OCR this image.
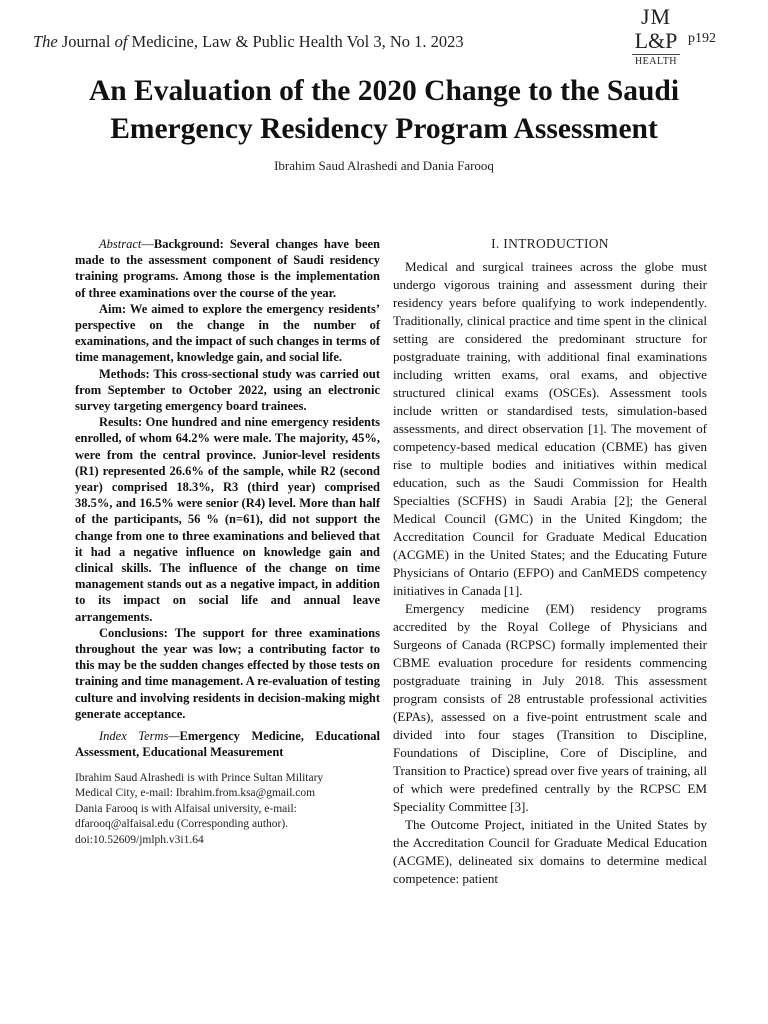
The Journal of Medicine, Law & Public Health Vol 3, No 1. 2023
JM
L&P
HEALTH
p192
An Evaluation of the 2020 Change to the Saudi Emergency Residency Program Assessment
Ibrahim Saud Alrashedi and Dania Farooq

Abstract—Background: Several changes have been made to the assessment component of Saudi residency training programs. Among those is the implementation of three examinations over the course of the year.

Aim: We aimed to explore the emergency residents’ perspective on the change in the number of examinations, and the impact of such changes in terms of time management, knowledge gain, and social life.

Methods: This cross-sectional study was carried out from September to October 2022, using an electronic survey targeting emergency board trainees.

Results: One hundred and nine emergency residents enrolled, of whom 64.2% were male. The majority, 45%, were from the central province. Junior-level residents (R1) represented 26.6% of the sample, while R2 (second year) comprised 18.3%, R3 (third year) comprised 38.5%, and 16.5% were senior (R4) level. More than half of the participants, 56 % (n=61), did not support the change from one to three examinations and believed that it had a negative influence on knowledge gain and clinical skills. The influence of the change on time management stands out as a negative impact, in addition to its impact on social life and annual leave arrangements.

Conclusions: The support for three examinations throughout the year was low; a contributing factor to this may be the sudden changes effected by those tests on training and time management. A re-evaluation of testing culture and involving residents in decision-making might generate acceptance.

Index Terms—Emergency Medicine, Educational Assessment, Educational Measurement

Ibrahim Saud Alrashedi is with Prince Sultan Military
Medical City, e-mail: Ibrahim.from.ksa@gmail.com
Dania Farooq is with Alfaisal university, e-mail:
dfarooq@alfaisal.edu (Corresponding author).
doi:10.52609/jmlph.v3i1.64

I. INTRODUCTION

Medical and surgical trainees across the globe must undergo vigorous training and assessment during their residency years before qualifying to work independently. Traditionally, clinical practice and time spent in the clinical setting are considered the predominant structure for postgraduate training, with additional final examinations including written exams, oral exams, and objective structured clinical exams (OSCEs). Assessment tools include written or standardised tests, simulation-based assessments, and direct observation [1]. The movement of competency-based medical education (CBME) has given rise to multiple bodies and initiatives within medical education, such as the Saudi Commission for Health Specialties (SCFHS) in Saudi Arabia [2]; the General Medical Council (GMC) in the United Kingdom; the Accreditation Council for Graduate Medical Education (ACGME) in the United States; and the Educating Future Physicians of Ontario (EFPO) and CanMEDS competency initiatives in Canada [1].

Emergency medicine (EM) residency programs accredited by the Royal College of Physicians and Surgeons of Canada (RCPSC) formally implemented their CBME evaluation procedure for residents commencing postgraduate training in July 2018. This assessment program consists of 28 entrustable professional activities (EPAs), assessed on a five-point entrustment scale and divided into four stages (Transition to Discipline, Foundations of Discipline, Core of Discipline, and Transition to Practice) spread over five years of training, all of which were predefined centrally by the RCPSC EM Speciality Committee [3].

The Outcome Project, initiated in the United States by the Accreditation Council for Graduate Medical Education (ACGME), delineated six domains to determine medical competence: patient
